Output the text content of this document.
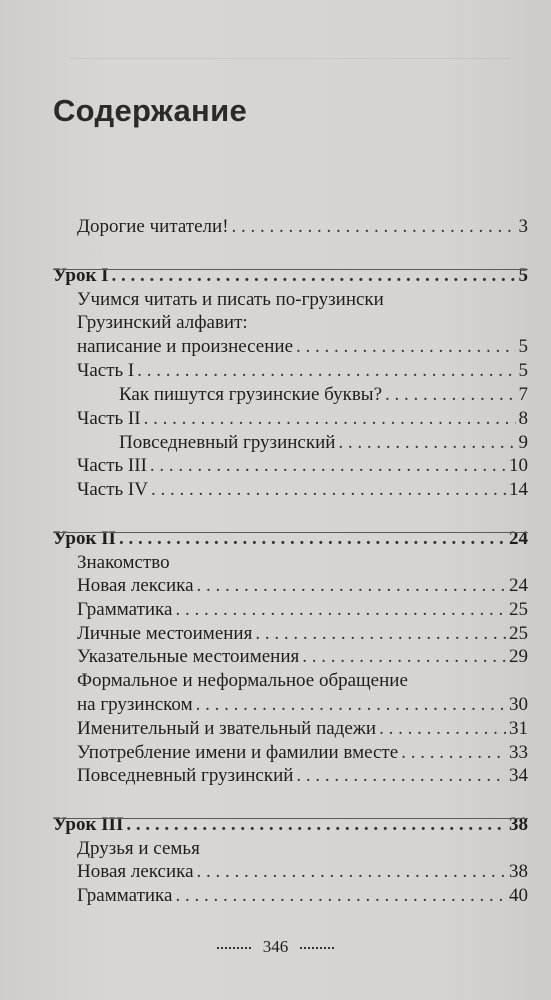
Содержание
Дорогие читатели! . . .	3
Урок I . . .	5
Учимся читать и писать по-грузински
Грузинский алфавит:
написание и произнесение . . .	5
Часть I . . .	5
Как пишутся грузинские буквы? . . .	7
Часть II . . .	8
Повседневный грузинский . . .	9
Часть III . . .	10
Часть IV . . .	14
Урок II . . .	24
Знакомство
Новая лексика . . .	24
Грамматика . . .	25
Личные местоимения . . .	25
Указательные местоимения . . .	29
Формальное и неформальное обращение
на грузинском . . .	30
Именительный и звательный падежи . . .	31
Употребление имени и фамилии вместе . . .	33
Повседневный грузинский . . .	34
Урок III . . .	38
Друзья и семья
Новая лексика . . .	38
Грамматика . . .	40
346
